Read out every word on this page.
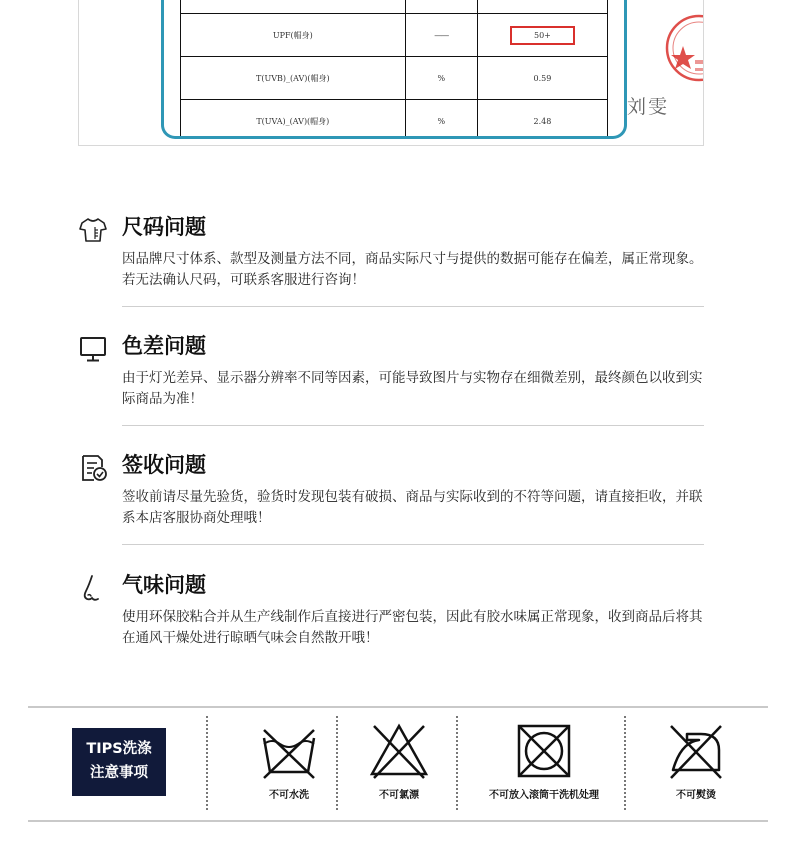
UPF(帽身)	——	50+
T(UVB)_(AV)(帽身)	%	0.59
T(UVA)_(AV)(帽身)	%	2.48
刘雯
尺码问题

因品牌尺寸体系、款型及测量方法不同，商品实际尺寸与提供的数据可能存在偏差，属正常现象。若无法确认尺码，可联系客服进行咨询！

色差问题

由于灯光差异、显示器分辨率不同等因素，可能导致图片与实物存在细微差别，最终颜色以收到实际商品为准！

签收问题

签收前请尽量先验货，验货时发现包装有破损、商品与实际收到的不符等问题，请直接拒收，并联系本店客服协商处理哦！

气味问题

使用环保胶粘合并从生产线制作后直接进行严密包装，因此有胶水味属正常现象，收到商品后将其在通风干燥处进行晾晒气味会自然散开哦！

TIPS洗涤
注意事项
不可水洗	不可氯漂	不可放入滚筒干洗机处理	不可熨烫
